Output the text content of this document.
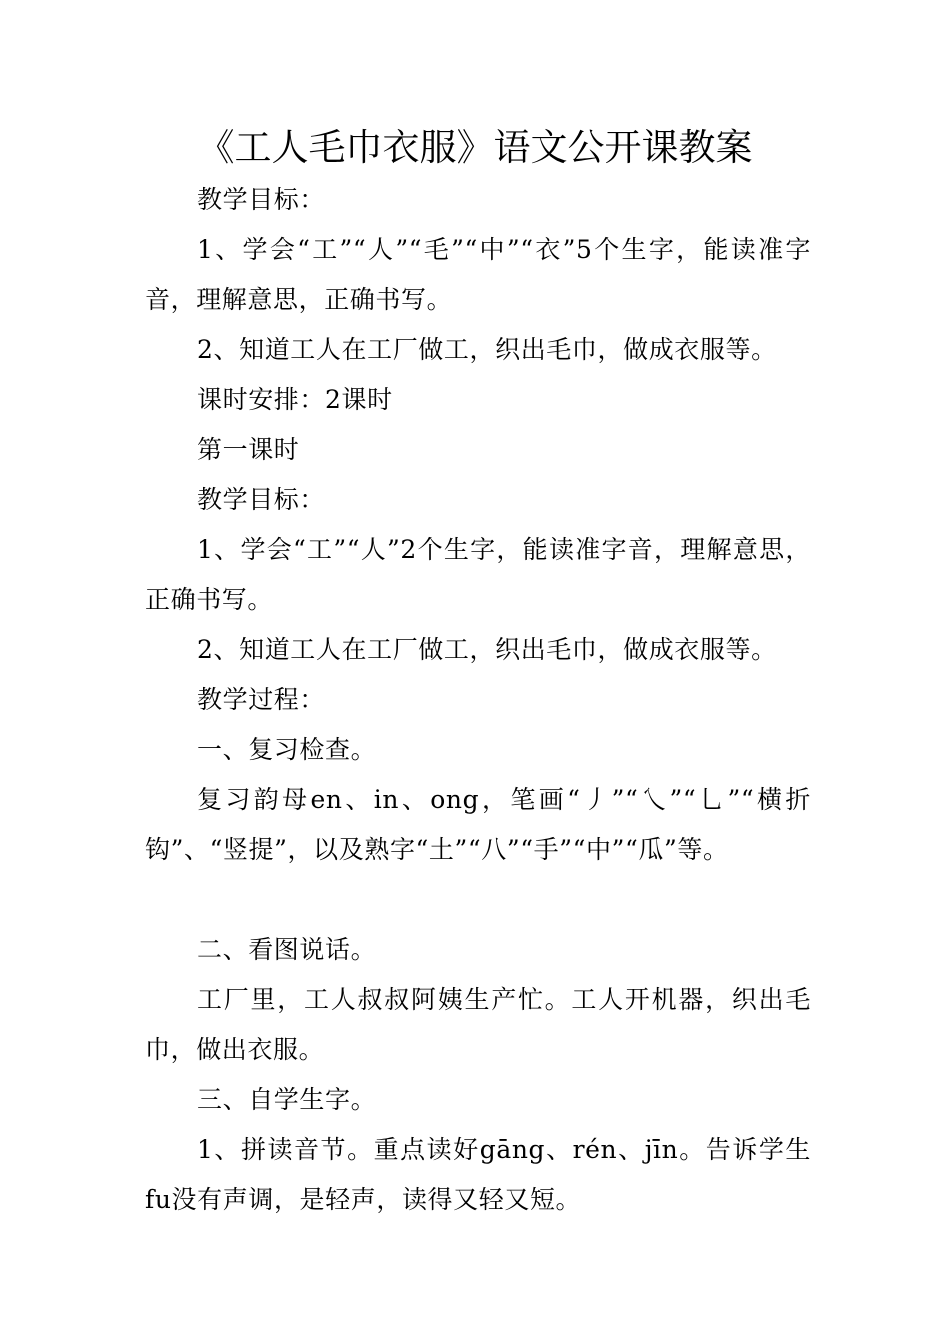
《工人毛巾衣服》语文公开课教案

教学目标：

1、学会“工”“人”“毛”“中”“衣”5个生字，能读准字音，理解意思，正确书写。

2、知道工人在工厂做工，织出毛巾，做成衣服等。

课时安排：2课时

第一课时

教学目标：

1、学会“工”“人”2个生字，能读准字音，理解意思，正确书写。

2、知道工人在工厂做工，织出毛巾，做成衣服等。

教学过程：

一、复习检查。

复习韵母en、in、ong，笔画“丿”“乀”“乚”“横折钩”、“竖提”，以及熟字“土”“八”“手”“中”“瓜”等。

二、看图说话。

工厂里，工人叔叔阿姨生产忙。工人开机器，织出毛巾，做出衣服。

三、自学生字。

1、拼读音节。重点读好gāng、rén、jīn。告诉学生fu没有声调，是轻声，读得又轻又短。
